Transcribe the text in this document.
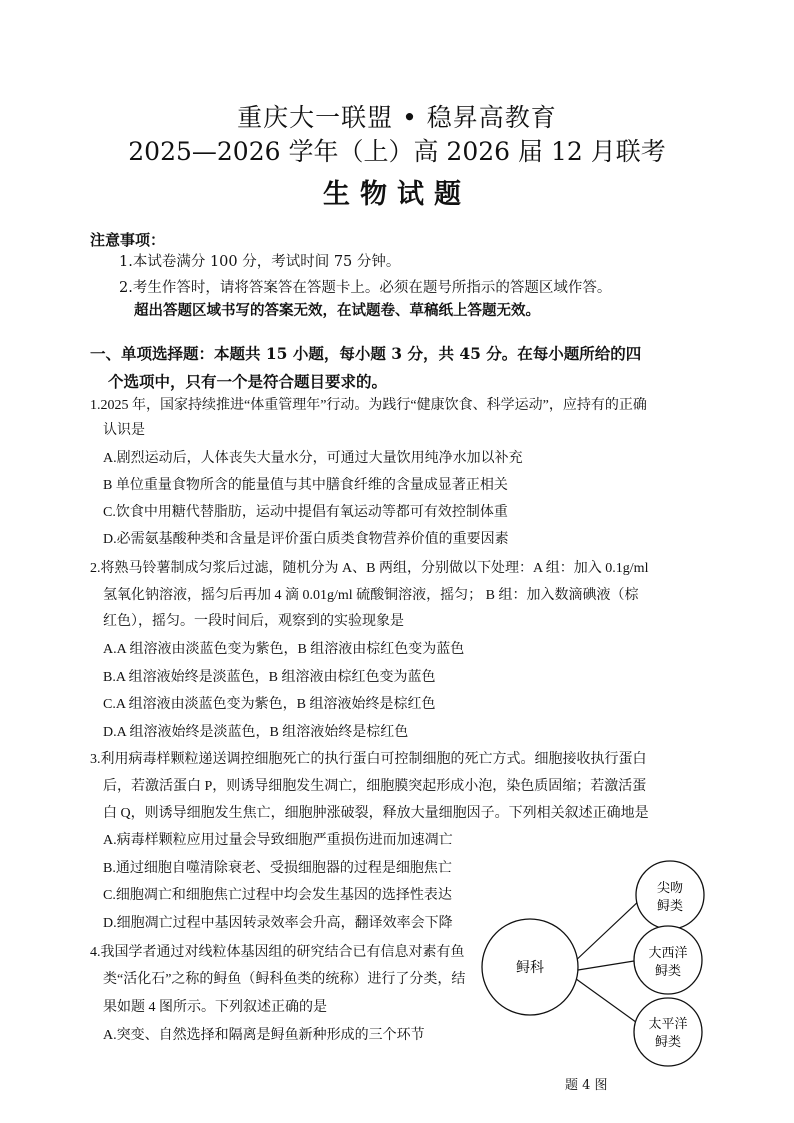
重庆大一联盟 • 稳昇高教育
2025—2026 学年（上）高 2026 届 12 月联考
生物试题
注意事项：
1.本试卷满分 100 分，考试时间 75 分钟。
2.考生作答时，请将答案答在答题卡上。必须在题号所指示的答题区域作答。
超出答题区域书写的答案无效，在试题卷、草稿纸上答题无效。
一、单项选择题：本题共 15 小题，每小题 3 分，共 45 分。在每小题所给的四
个选项中，只有一个是符合题目要求的。
1.2025 年，国家持续推进“体重管理年”行动。为践行“健康饮食、科学运动”，应持有的正确
认识是
A.剧烈运动后，人体丧失大量水分，可通过大量饮用纯净水加以补充
B 单位重量食物所含的能量值与其中膳食纤维的含量成显著正相关
C.饮食中用糖代替脂肪，运动中提倡有氧运动等都可有效控制体重
D.必需氨基酸种类和含量是评价蛋白质类食物营养价值的重要因素
2.将熟马铃薯制成匀浆后过滤，随机分为 A、B 两组，分别做以下处理：A 组：加入 0.1g/ml
氢氧化钠溶液，摇匀后再加 4 滴 0.01g/ml 硫酸铜溶液，摇匀； B 组：加入数滴碘液（棕
红色），摇匀。一段时间后，观察到的实验现象是
A.A 组溶液由淡蓝色变为紫色，B 组溶液由棕红色变为蓝色
B.A 组溶液始终是淡蓝色，B 组溶液由棕红色变为蓝色
C.A 组溶液由淡蓝色变为紫色，B 组溶液始终是棕红色
D.A 组溶液始终是淡蓝色，B 组溶液始终是棕红色
3.利用病毒样颗粒递送调控细胞死亡的执行蛋白可控制细胞的死亡方式。细胞接收执行蛋白
后，若激活蛋白 P，则诱导细胞发生凋亡，细胞膜突起形成小泡，染色质固缩；若激活蛋
白 Q，则诱导细胞发生焦亡，细胞肿涨破裂，释放大量细胞因子。下列相关叙述正确地是
A.病毒样颗粒应用过量会导致细胞严重损伤进而加速凋亡
B.通过细胞自噬清除衰老、受损细胞器的过程是细胞焦亡
C.细胞凋亡和细胞焦亡过程中均会发生基因的选择性表达
D.细胞凋亡过程中基因转录效率会升高，翻译效率会下降
4.我国学者通过对线粒体基因组的研究结合已有信息对素有鱼
类“活化石”之称的鲟鱼（鲟科鱼类的统称）进行了分类，结
果如题 4 图所示。下列叙述正确的是
A.突变、自然选择和隔离是鲟鱼新种形成的三个环节
鲟科
尖吻
鲟类
大西洋
鲟类
太平洋
鲟类
题 4 图
